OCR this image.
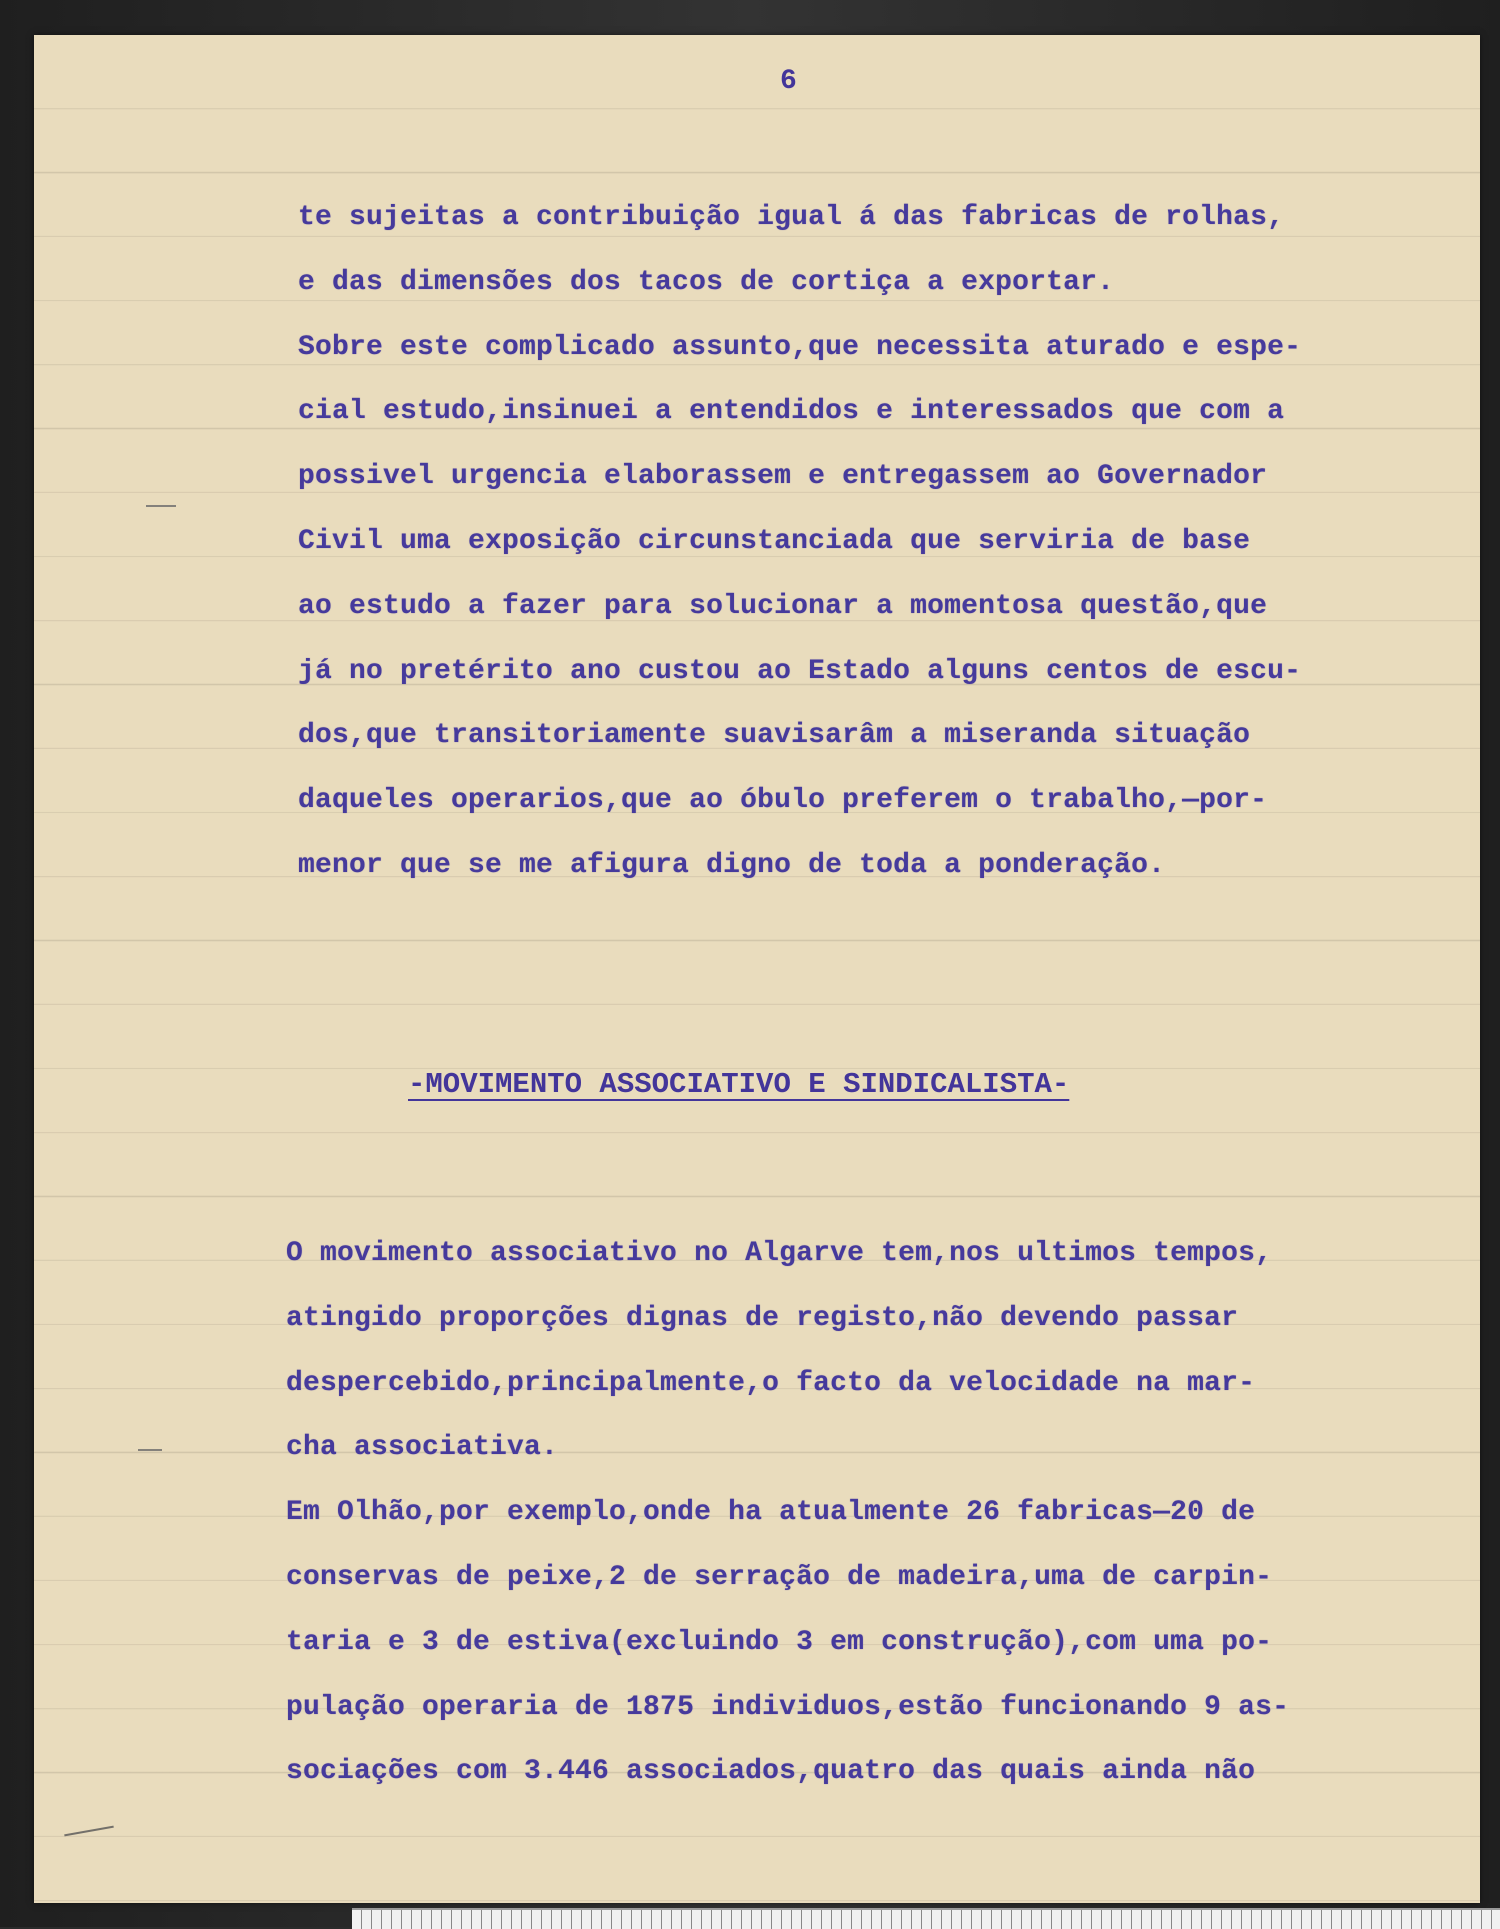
6
te sujeitas a contribuição igual á das fabricas de rolhas,
e das dimensões dos tacos de cortiça a exportar.
Sobre este complicado assunto,que necessita aturado e espe-
cial estudo,insinuei a entendidos e interessados que com a
possivel urgencia elaborassem e entregassem ao Governador
Civil uma exposição circunstanciada que serviria de base
ao estudo a fazer para solucionar a momentosa questão,que
já no pretérito ano custou ao Estado alguns centos de escu-
dos,que transitoriamente suavisarâm a miseranda situação
daqueles operarios,que ao óbulo preferem o trabalho,—por-
menor que se me afigura digno de toda a ponderação.
-MOVIMENTO ASSOCIATIVO E SINDICALISTA-
O movimento associativo no Algarve tem,nos ultimos tempos,
atingido proporções dignas de registo,não devendo passar
despercebido,principalmente,o facto da velocidade na mar-
cha associativa.
Em Olhão,por exemplo,onde ha atualmente 26 fabricas—20 de
conservas de peixe,2 de serração de madeira,uma de carpin-
taria e 3 de estiva(excluindo 3 em construção),com uma po-
pulação operaria de 1875 individuos,estão funcionando 9 as-
sociações com 3.446 associados,quatro das quais ainda não
